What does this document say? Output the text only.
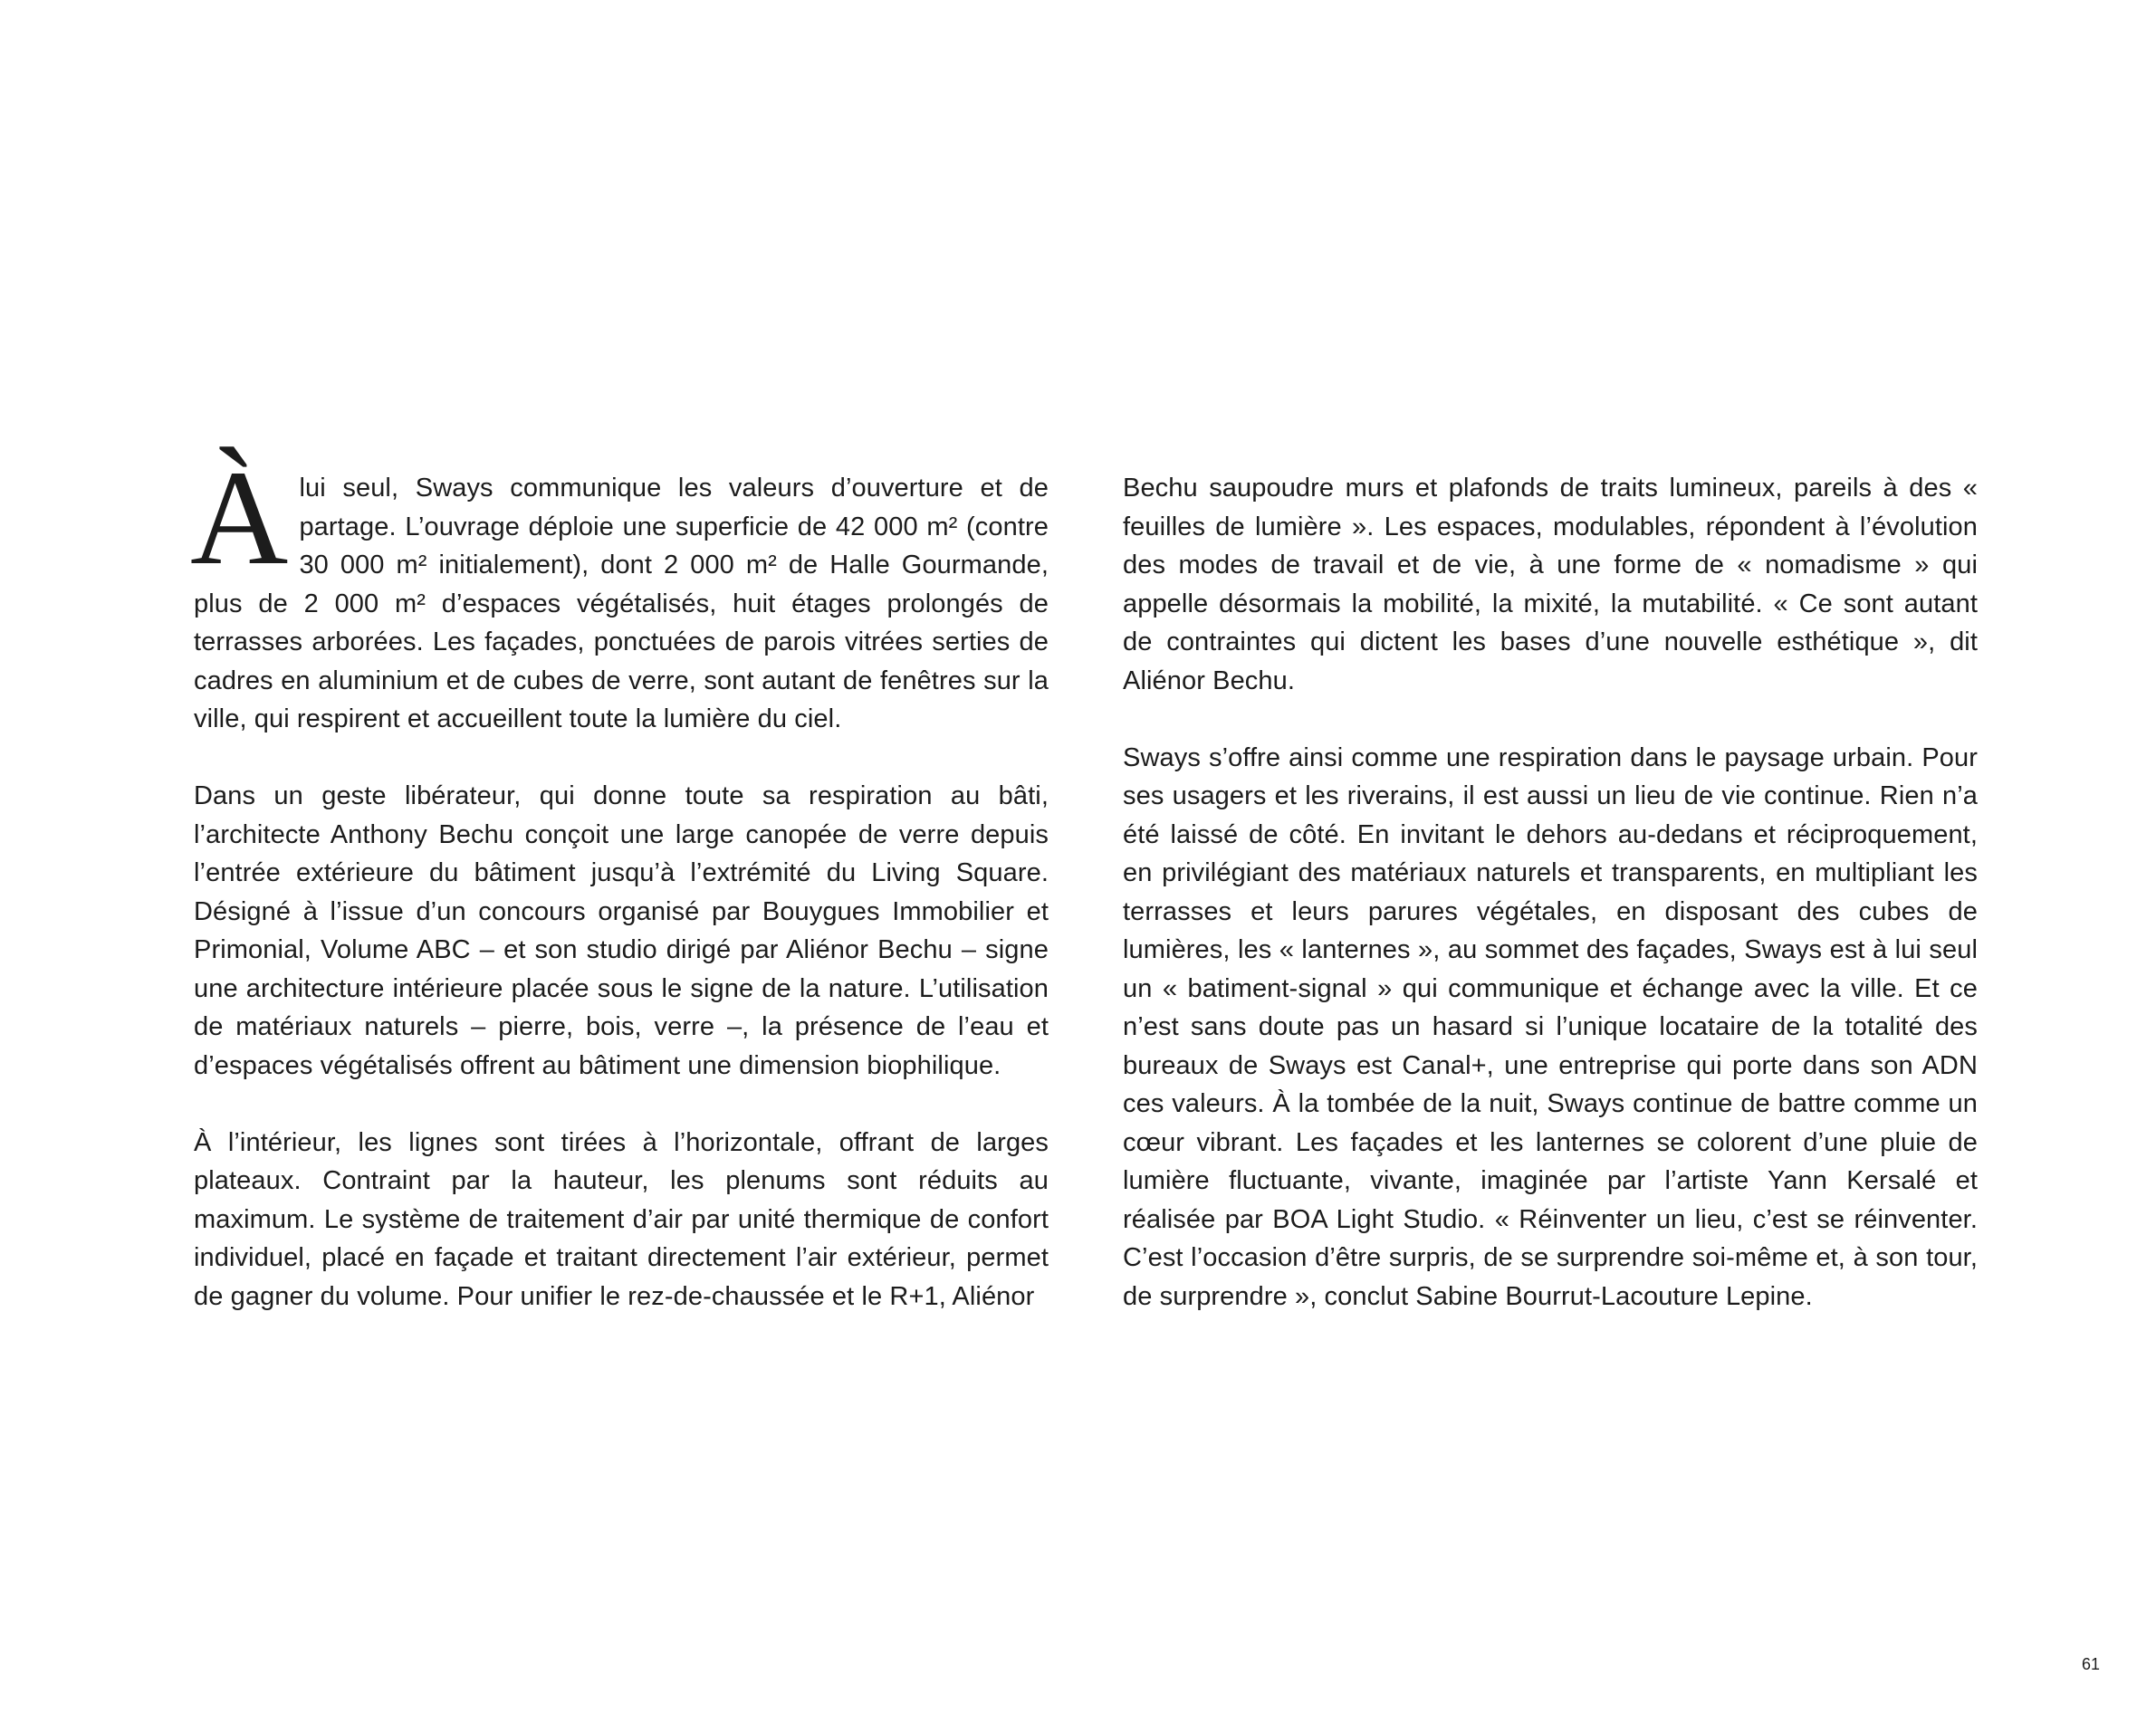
À lui seul, Sways communique les valeurs d’ouverture et de partage. L’ouvrage déploie une superficie de 42 000 m² (contre 30 000 m² initialement), dont 2 000 m² de Halle Gourmande, plus de 2 000 m² d’espaces végétalisés, huit étages prolongés de terrasses arborées. Les façades, ponctuées de parois vitrées serties de cadres en aluminium et de cubes de verre, sont autant de fenêtres sur la ville, qui respirent et accueillent toute la lumière du ciel.

Dans un geste libérateur, qui donne toute sa respiration au bâti, l’architecte Anthony Bechu conçoit une large canopée de verre depuis l’entrée extérieure du bâtiment jusqu’à l’extrémité du Living Square. Désigné à l’issue d’un concours organisé par Bouygues Immobilier et Primonial, Volume ABC – et son studio dirigé par Aliénor Bechu – signe une architecture intérieure placée sous le signe de la nature. L’utilisation de matériaux naturels – pierre, bois, verre –, la présence de l’eau et d’espaces végétalisés offrent au bâtiment une dimension biophilique.

À l’intérieur, les lignes sont tirées à l’horizontale, offrant de larges plateaux. Contraint par la hauteur, les plenums sont réduits au maximum. Le système de traitement d’air par unité thermique de confort individuel, placé en façade et traitant directement l’air extérieur, permet de gagner du volume. Pour unifier le rez-de-chaussée et le R+1, Aliénor

Bechu saupoudre murs et plafonds de traits lumineux, pareils à des « feuilles de lumière ». Les espaces, modulables, répondent à l’évolution des modes de travail et de vie, à une forme de « nomadisme » qui appelle désormais la mobilité, la mixité, la mutabilité. « Ce sont autant de contraintes qui dictent les bases d’une nouvelle esthétique », dit Aliénor Bechu.

Sways s’offre ainsi comme une respiration dans le paysage urbain. Pour ses usagers et les riverains, il est aussi un lieu de vie continue. Rien n’a été laissé de côté. En invitant le dehors au-dedans et réciproquement, en privilégiant des matériaux naturels et transparents, en multipliant les terrasses et leurs parures végétales, en disposant des cubes de lumières, les « lanternes », au sommet des façades, Sways est à lui seul un « batiment-signal » qui communique et échange avec la ville. Et ce n’est sans doute pas un hasard si l’unique locataire de la totalité des bureaux de Sways est Canal+, une entreprise qui porte dans son ADN ces valeurs. À la tombée de la nuit, Sways continue de battre comme un cœur vibrant. Les façades et les lanternes se colorent d’une pluie de lumière fluctuante, vivante, imaginée par l’artiste Yann Kersalé et réalisée par BOA Light Studio. « Réinventer un lieu, c’est se réinventer. C’est l’occasion d’être surpris, de se surprendre soi-même et, à son tour, de surprendre », conclut Sabine Bourrut-Lacouture Lepine.

61
